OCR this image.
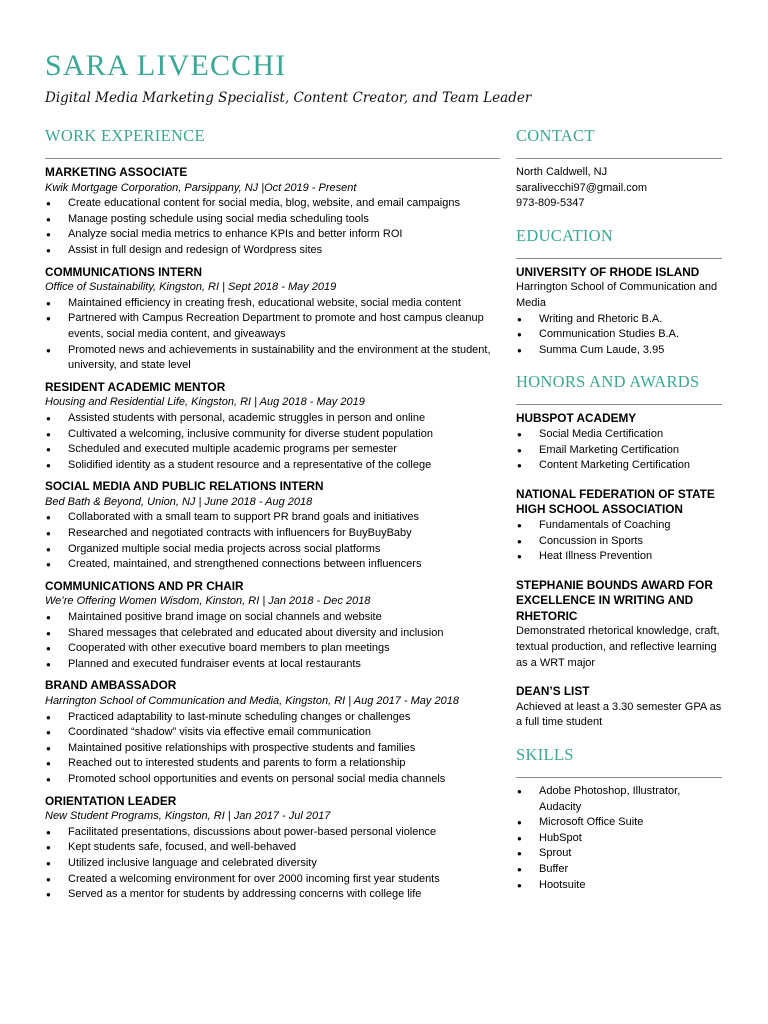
SARA LIVECCHI

Digital Media Marketing Specialist, Content Creator, and Team Leader

WORK EXPERIENCE
MARKETING ASSOCIATE
Kwik Mortgage Corporation, Parsippany, NJ |Oct 2019 - Present
● Create educational content for social media, blog, website, and email campaigns
● Manage posting schedule using social media scheduling tools
● Analyze social media metrics to enhance KPIs and better inform ROI
● Assist in full design and redesign of Wordpress sites
COMMUNICATIONS INTERN
Office of Sustainability, Kingston, RI | Sept 2018 - May 2019
● Maintained efficiency in creating fresh, educational website, social media content
● Partnered with Campus Recreation Department to promote and host campus cleanup events, social media content, and giveaways
● Promoted news and achievements in sustainability and the environment at the student, university, and state level
RESIDENT ACADEMIC MENTOR
Housing and Residential Life, Kingston, RI | Aug 2018 - May 2019
● Assisted students with personal, academic struggles in person and online
● Cultivated a welcoming, inclusive community for diverse student population
● Scheduled and executed multiple academic programs per semester
● Solidified identity as a student resource and a representative of the college
SOCIAL MEDIA AND PUBLIC RELATIONS INTERN
Bed Bath & Beyond, Union, NJ | June 2018 - Aug 2018
● Collaborated with a small team to support PR brand goals and initiatives
● Researched and negotiated contracts with influencers for BuyBuyBaby
● Organized multiple social media projects across social platforms
● Created, maintained, and strengthened connections between influencers
COMMUNICATIONS AND PR CHAIR
We’re Offering Women Wisdom, Kinston, RI | Jan 2018 - Dec 2018
● Maintained positive brand image on social channels and website
● Shared messages that celebrated and educated about diversity and inclusion
● Cooperated with other executive board members to plan meetings
● Planned and executed fundraiser events at local restaurants
BRAND AMBASSADOR
Harrington School of Communication and Media, Kingston, RI | Aug 2017 - May 2018
● Practiced adaptability to last-minute scheduling changes or challenges
● Coordinated “shadow” visits via effective email communication
● Maintained positive relationships with prospective students and families
● Reached out to interested students and parents to form a relationship
● Promoted school opportunities and events on personal social media channels
ORIENTATION LEADER
New Student Programs, Kingston, RI | Jan 2017 - Jul 2017
● Facilitated presentations, discussions about power-based personal violence
● Kept students safe, focused, and well-behaved
● Utilized inclusive language and celebrated diversity
● Created a welcoming environment for over 2000 incoming first year students
● Served as a mentor for students by addressing concerns with college life
CONTACT
North Caldwell, NJ
saralivecchi97@gmail.com
973-809-5347
EDUCATION
UNIVERSITY OF RHODE ISLAND
Harrington School of Communication and Media
● Writing and Rhetoric B.A.
● Communication Studies B.A.
● Summa Cum Laude, 3.95
HONORS AND AWARDS
HUBSPOT ACADEMY
● Social Media Certification
● Email Marketing Certification
● Content Marketing Certification
NATIONAL FEDERATION OF STATE HIGH SCHOOL ASSOCIATION
● Fundamentals of Coaching
● Concussion in Sports
● Heat Illness Prevention
STEPHANIE BOUNDS AWARD FOR EXCELLENCE IN WRITING AND RHETORIC
Demonstrated rhetorical knowledge, craft, textual production, and reflective learning as a WRT major
DEAN’S LIST
Achieved at least a 3.30 semester GPA as a full time student
SKILLS
● Adobe Photoshop, Illustrator, Audacity
● Microsoft Office Suite
● HubSpot
● Sprout
● Buffer
● Hootsuite
